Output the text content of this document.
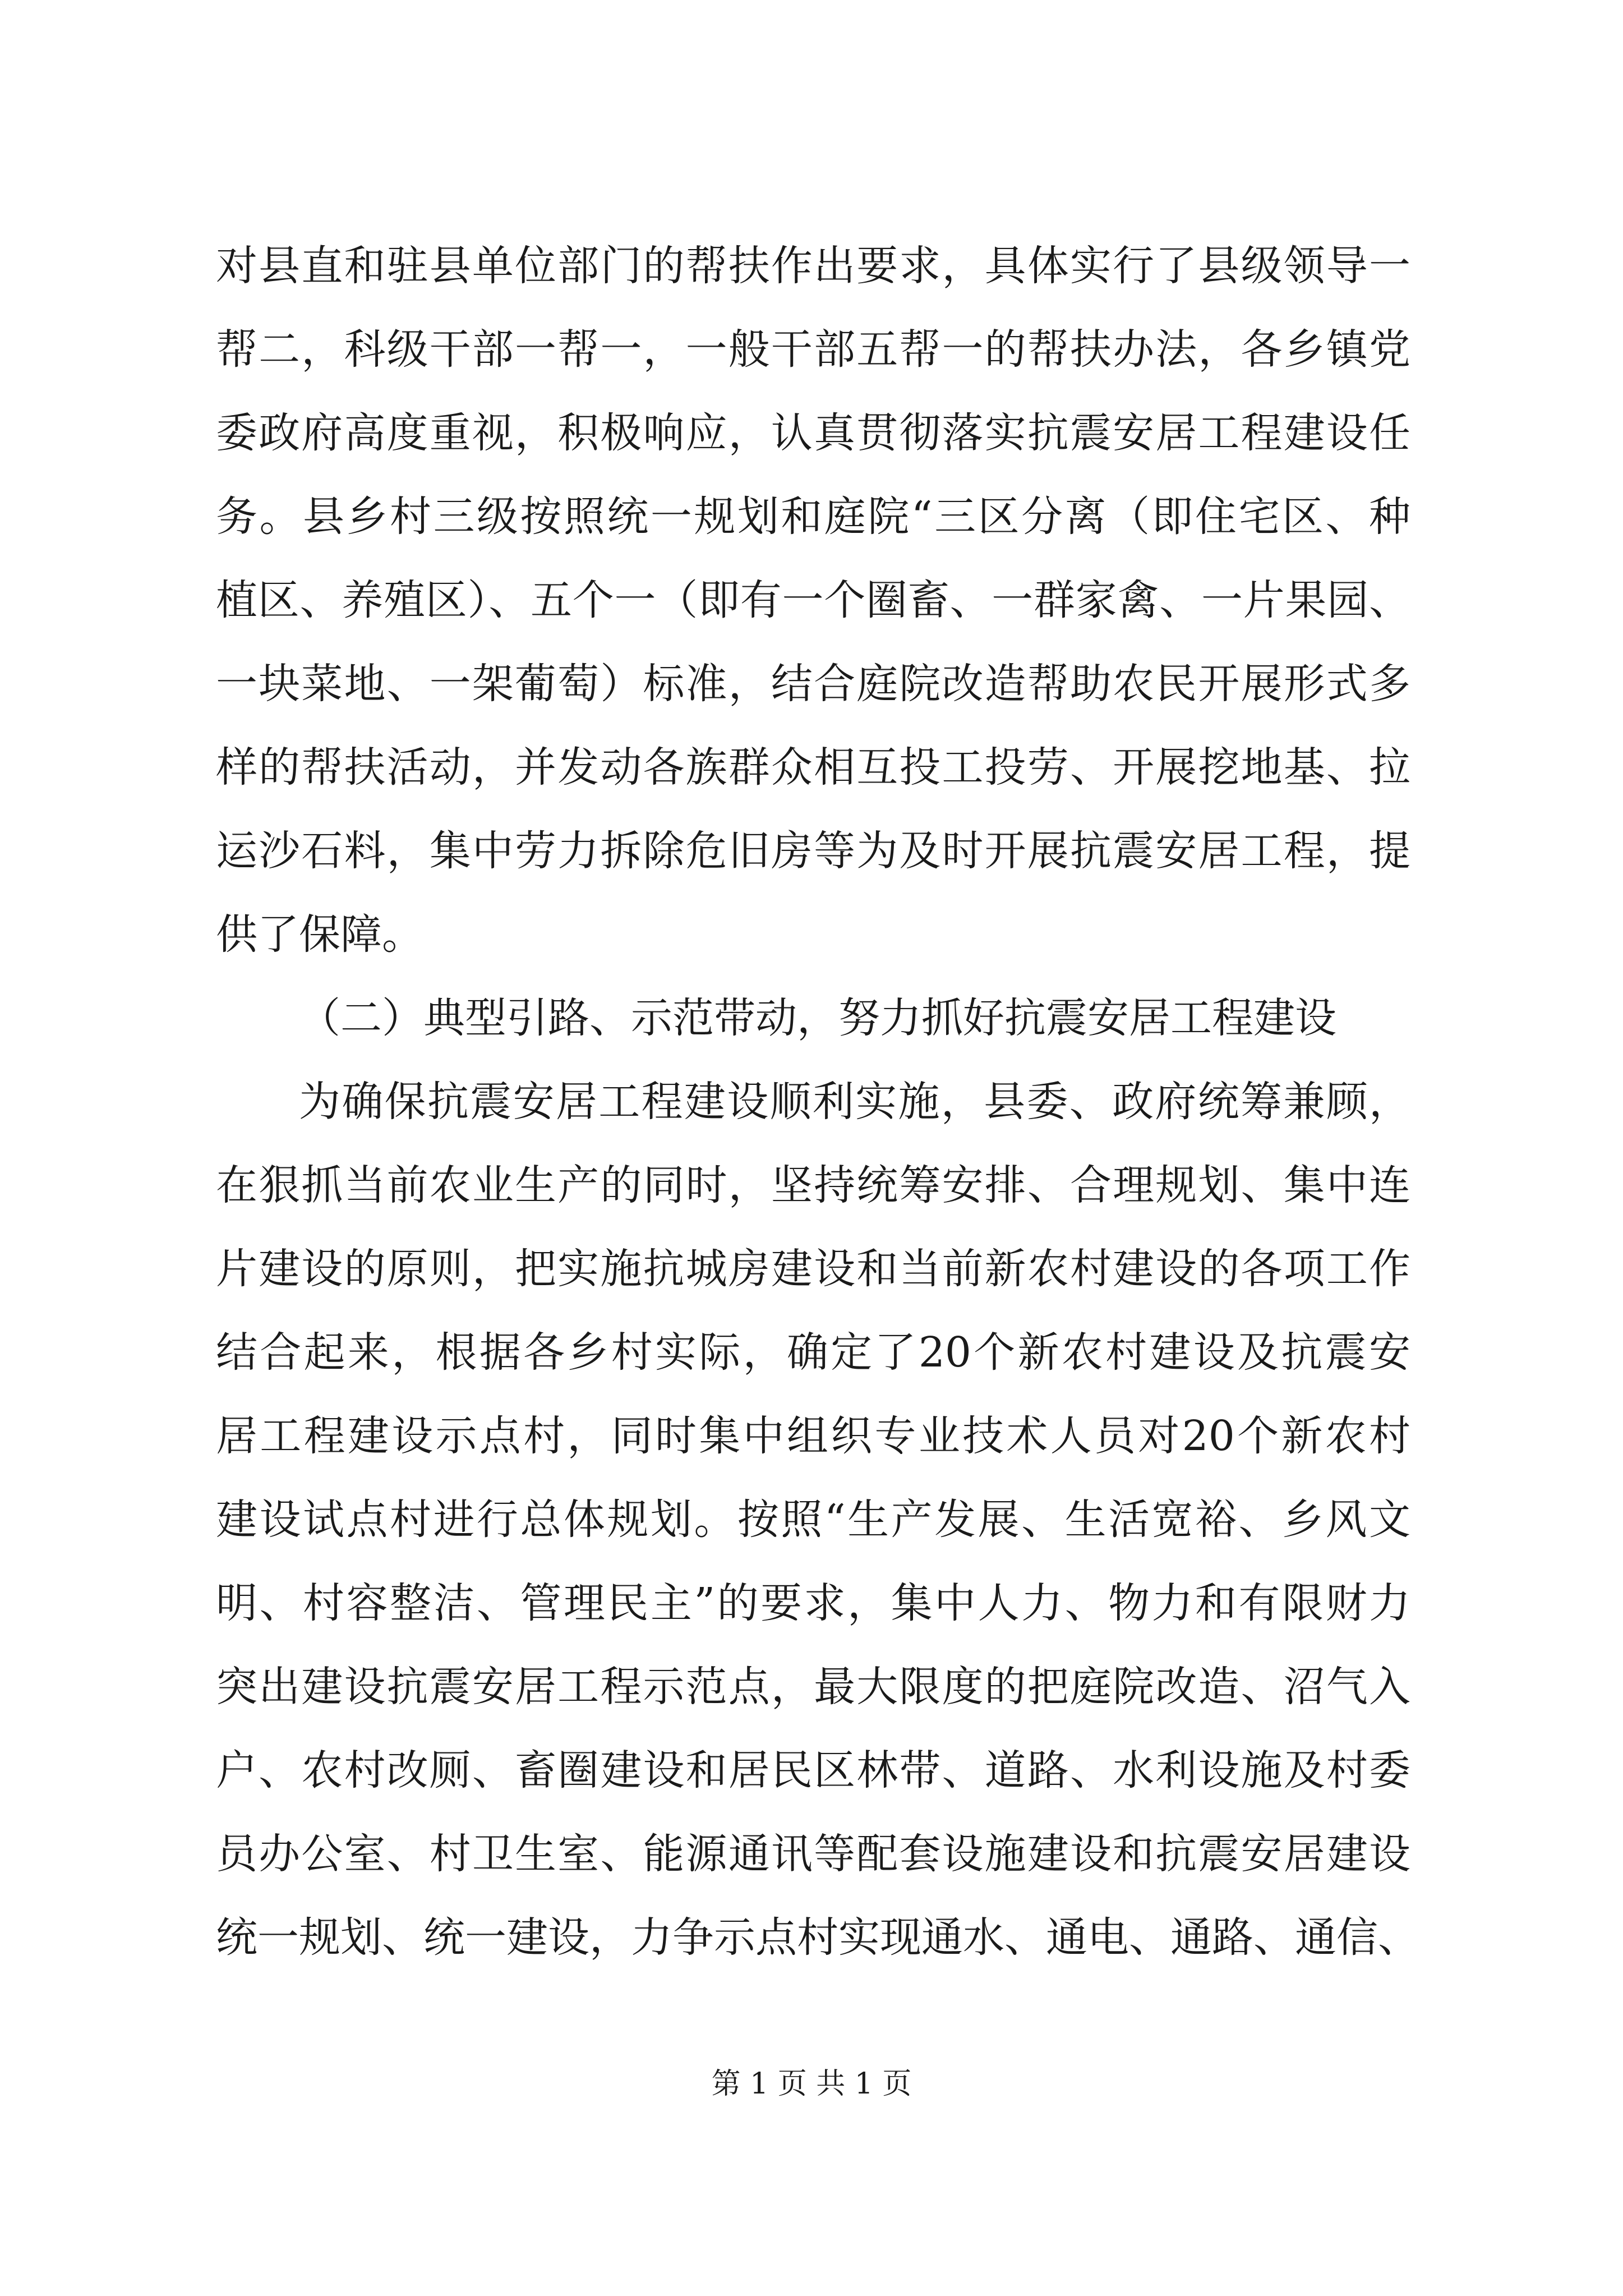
对县直和驻县单位部门的帮扶作出要求，具体实行了县级领导一
帮二，科级干部一帮一，一般干部五帮一的帮扶办法，各乡镇党
委政府高度重视，积极响应，认真贯彻落实抗震安居工程建设任
务。县乡村三级按照统一规划和庭院“三区分离（即住宅区、种
植区、养殖区）、五个一（即有一个圈畜、一群家禽、一片果园、
一块菜地、一架葡萄）标准，结合庭院改造帮助农民开展形式多
样的帮扶活动，并发动各族群众相互投工投劳、开展挖地基、拉
运沙石料，集中劳力拆除危旧房等为及时开展抗震安居工程，提
供了保障。
（二）典型引路、示范带动，努力抓好抗震安居工程建设
为确保抗震安居工程建设顺利实施，县委、政府统筹兼顾，
在狠抓当前农业生产的同时，坚持统筹安排、合理规划、集中连
片建设的原则，把实施抗城房建设和当前新农村建设的各项工作
结合起来，根据各乡村实际，确定了20个新农村建设及抗震安
居工程建设示点村，同时集中组织专业技术人员对20个新农村
建设试点村进行总体规划。按照“生产发展、生活宽裕、乡风文
明、村容整洁、管理民主”的要求，集中人力、物力和有限财力
突出建设抗震安居工程示范点，最大限度的把庭院改造、沼气入
户、农村改厕、畜圈建设和居民区林带、道路、水利设施及村委
员办公室、村卫生室、能源通讯等配套设施建设和抗震安居建设
统一规划、统一建设，力争示点村实现通水、通电、通路、通信、
第 1 页 共 1 页
